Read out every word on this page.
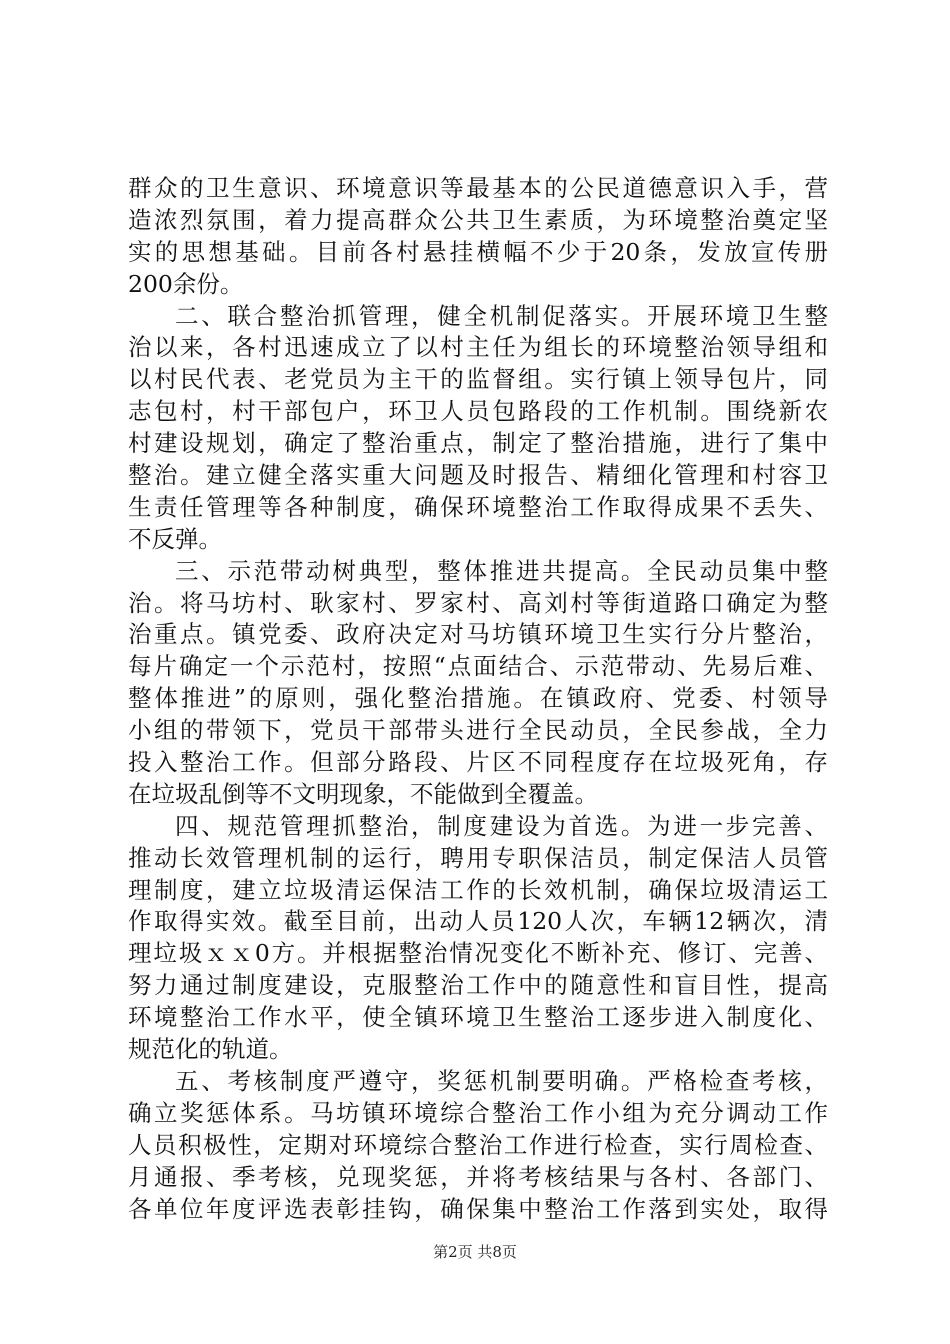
群众的卫生意识、环境意识等最基本的公民道德意识入手，营
造浓烈氛围，着力提高群众公共卫生素质，为环境整治奠定坚
实的思想基础。目前各村悬挂横幅不少于20条，发放宣传册
200余份。
二、联合整治抓管理，健全机制促落实。开展环境卫生整
治以来，各村迅速成立了以村主任为组长的环境整治领导组和
以村民代表、老党员为主干的监督组。实行镇上领导包片，同
志包村，村干部包户，环卫人员包路段的工作机制。围绕新农
村建设规划，确定了整治重点，制定了整治措施，进行了集中
整治。建立健全落实重大问题及时报告、精细化管理和村容卫
生责任管理等各种制度，确保环境整治工作取得成果不丢失、
不反弹。
三、示范带动树典型，整体推进共提高。全民动员集中整
治。将马坊村、耿家村、罗家村、高刘村等街道路口确定为整
治重点。镇党委、政府决定对马坊镇环境卫生实行分片整治，
每片确定一个示范村，按照“点面结合、示范带动、先易后难、
整体推进”的原则，强化整治措施。在镇政府、党委、村领导
小组的带领下，党员干部带头进行全民动员，全民参战，全力
投入整治工作。但部分路段、片区不同程度存在垃圾死角，存
在垃圾乱倒等不文明现象，不能做到全覆盖。
四、规范管理抓整治，制度建设为首选。为进一步完善、
推动长效管理机制的运行，聘用专职保洁员，制定保洁人员管
理制度，建立垃圾清运保洁工作的长效机制，确保垃圾清运工
作取得实效。截至目前，出动人员120人次，车辆12辆次，清
理垃圾ｘｘ0方。并根据整治情况变化不断补充、修订、完善、
努力通过制度建设，克服整治工作中的随意性和盲目性，提高
环境整治工作水平，使全镇环境卫生整治工逐步进入制度化、
规范化的轨道。
五、考核制度严遵守，奖惩机制要明确。严格检查考核，
确立奖惩体系。马坊镇环境综合整治工作小组为充分调动工作
人员积极性，定期对环境综合整治工作进行检查，实行周检查、
月通报、季考核，兑现奖惩，并将考核结果与各村、各部门、
各单位年度评选表彰挂钩，确保集中整治工作落到实处，取得
第2页 共8页
